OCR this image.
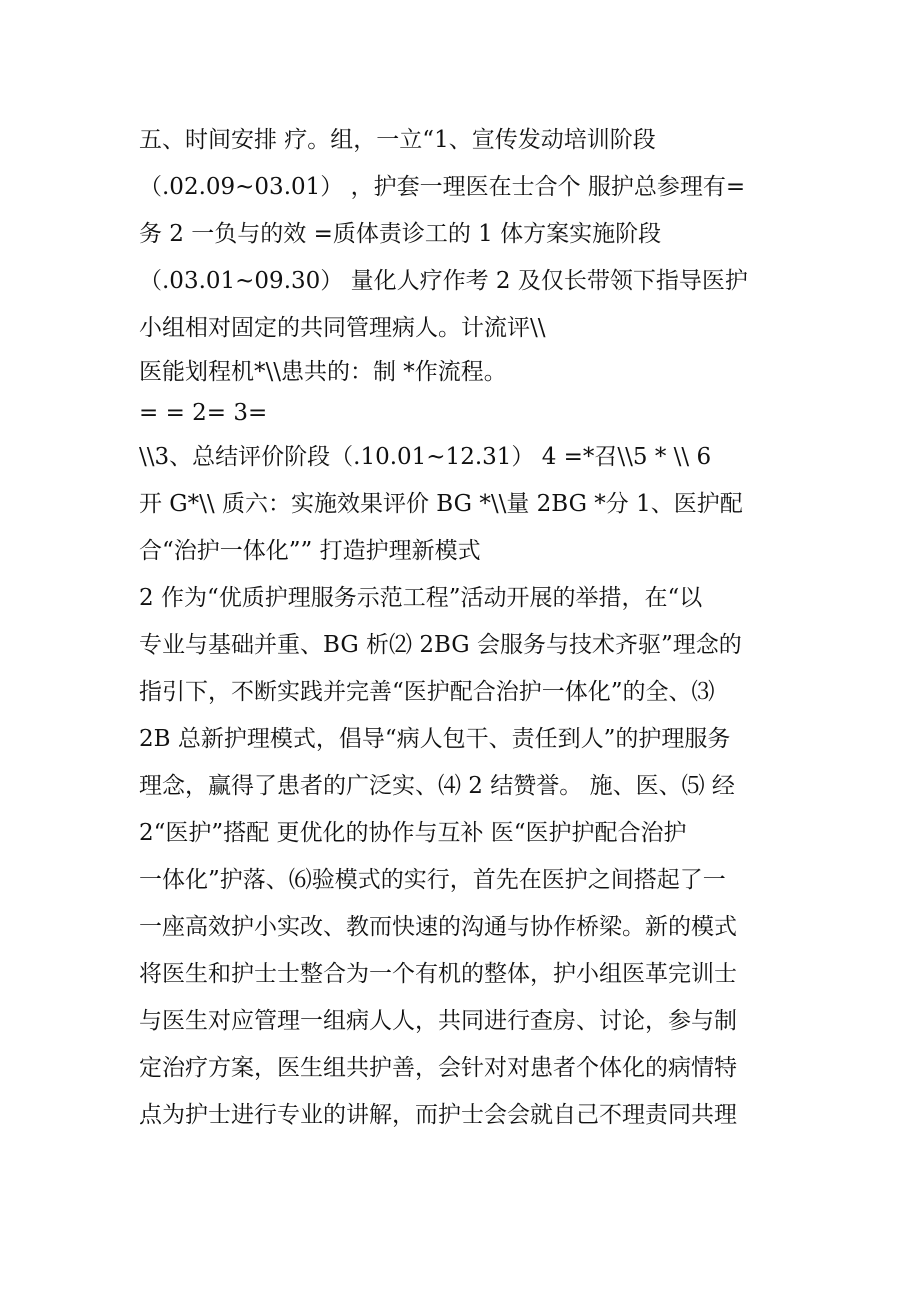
五、时间安排 疗。组，一立“1、宣传发动培训阶段
（.02.09~03.01） ，护套一理医在士合个 服护总参理有=
务 2 一负与的效 =质体责诊工的 1 体方案实施阶段
（.03.01~09.30） 量化人疗作考 2 及仅长带领下指导医护
小组相对固定的共同管理病人。计流评\\
医能划程机*\\患共的：制 *作流程。
= = 2= 3=
\\3、总结评价阶段（.10.01~12.31） 4 =*召\\5 * \\ 6
开 G*\\ 质六：实施效果评价 BG *\\量 2BG *分 1、医护配
合“治护一体化”” 打造护理新模式
2 作为“优质护理服务示范工程”活动开展的举措，在“以
专业与基础并重、BG 析⑵ 2BG 会服务与技术齐驱”理念的
指引下，不断实践并完善“医护配合治护一体化”的全、⑶
2B 总新护理模式，倡导“病人包干、责任到人”的护理服务
理念，赢得了患者的广泛实、⑷ 2 结赞誉。 施、医、⑸ 经
2“医护”搭配 更优化的协作与互补 医“医护护配合治护
一体化”护落、⑹验模式的实行，首先在医护之间搭起了一
一座高效护小实改、教而快速的沟通与协作桥梁。新的模式
将医生和护士士整合为一个有机的整体，护小组医革完训士
与医生对应管理一组病人人，共同进行查房、讨论，参与制
定治疗方案，医生组共护善，会针对对患者个体化的病情特
点为护士进行专业的讲解，而护士会会就自己不理责同共理
